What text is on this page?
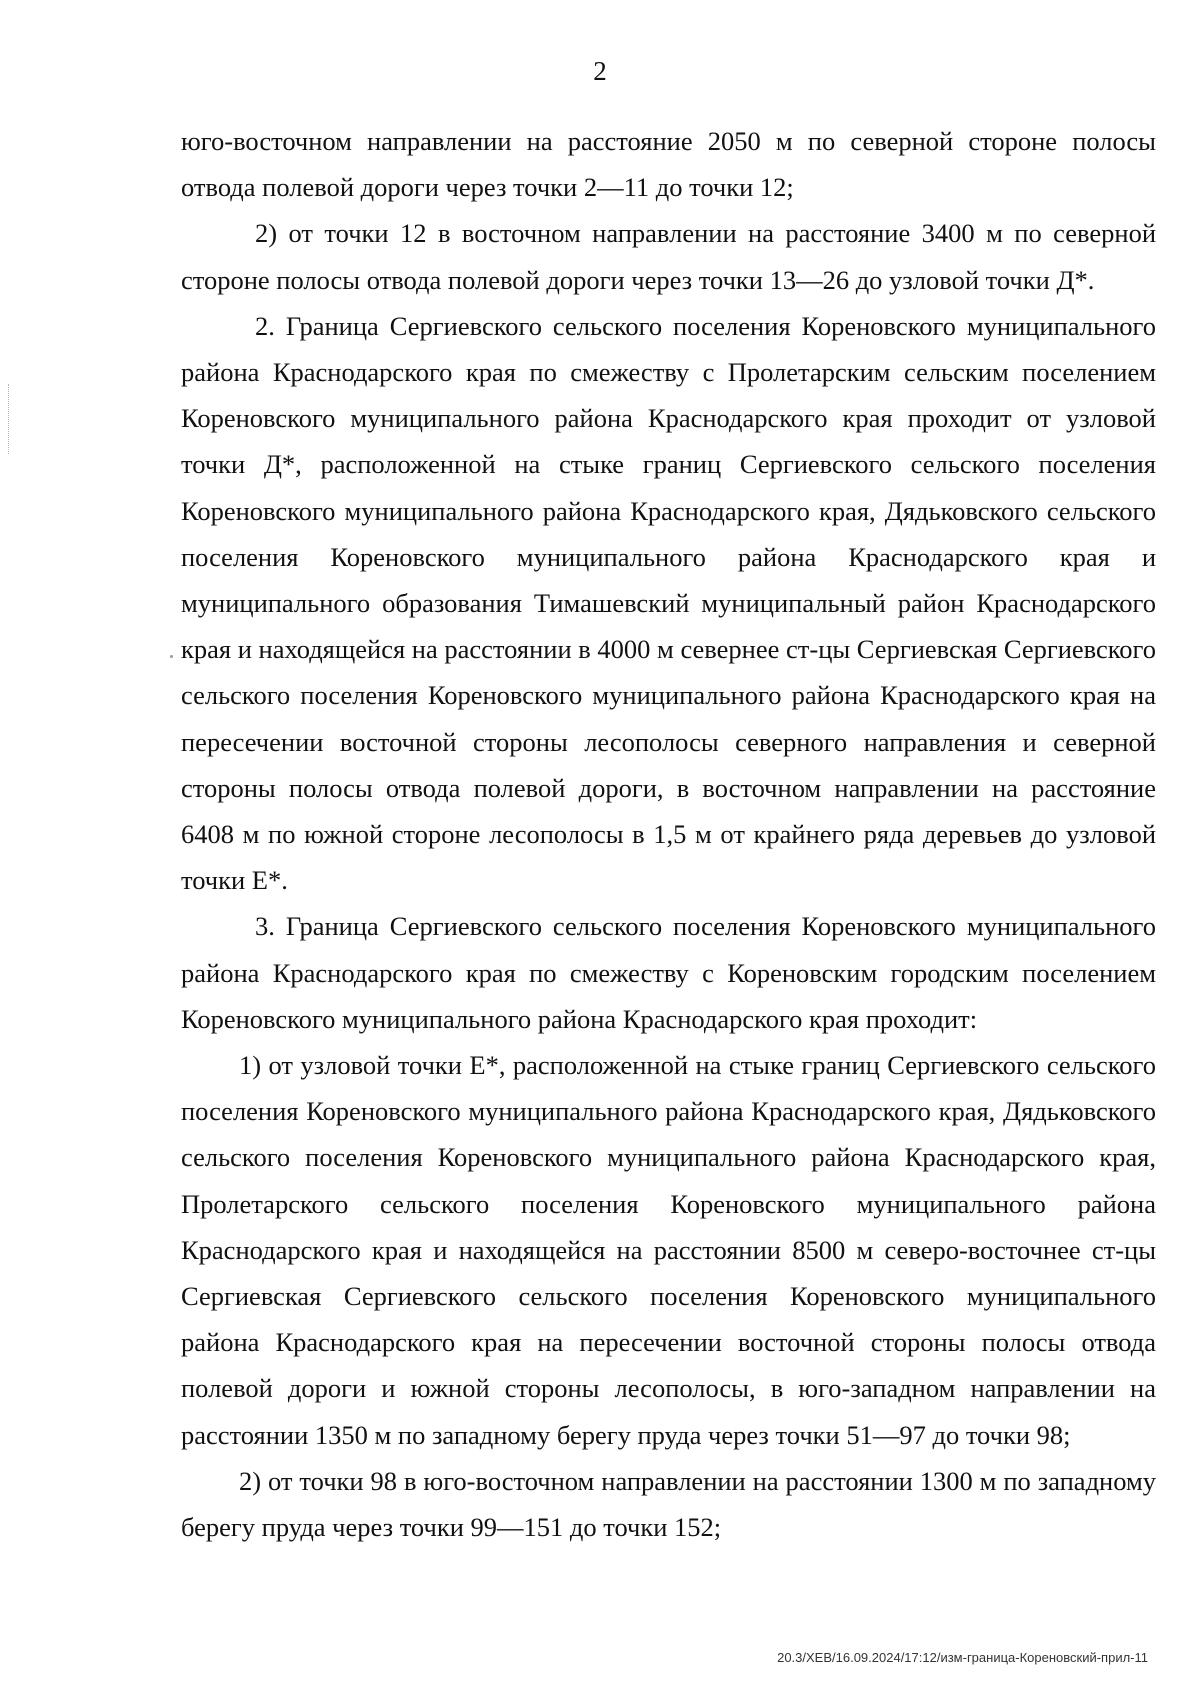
2

юго-восточном направлении на расстояние 2050 м по северной стороне полосы отвода полевой дороги через точки 2—11 до точки 12;

2) от точки 12 в восточном направлении на расстояние 3400 м по северной стороне полосы отвода полевой дороги через точки 13—26 до узловой точки Д*.

2. Граница Сергиевского сельского поселения Кореновского муниципального района Краснодарского края по смежеству с Пролетарским сельским поселением Кореновского муниципального района Краснодарского края проходит от узловой точки Д*, расположенной на стыке границ Сергиевского сельского поселения Кореновского муниципального района Краснодарского края, Дядьковского сельского поселения Кореновского муниципального района Краснодарского края и муниципального образования Тимашевский муниципальный район Краснодарского края и находящейся на расстоянии в 4000 м севернее ст-цы Сергиевская Сергиевского сельского поселения Кореновского муниципального района Краснодарского края на пересечении восточной стороны лесополосы северного направления и северной стороны полосы отвода полевой дороги, в восточном направлении на расстояние 6408 м по южной стороне лесополосы в 1,5 м от крайнего ряда деревьев до узловой точки Е*.

3. Граница Сергиевского сельского поселения Кореновского муниципального района Краснодарского края по смежеству с Кореновским городским поселением Кореновского муниципального района Краснодарского края проходит:

1) от узловой точки Е*, расположенной на стыке границ Сергиевского сельского поселения Кореновского муниципального района Краснодарского края, Дядьковского сельского поселения Кореновского муниципального района Краснодарского края, Пролетарского сельского поселения Кореновского муниципального района Краснодарского края и находящейся на расстоянии 8500 м северо-восточнее ст-цы Сергиевская Сергиевского сельского поселения Кореновского муниципального района Краснодарского края на пересечении восточной стороны полосы отвода полевой дороги и южной стороны лесополосы, в юго-западном направлении на расстоянии 1350 м по западному берегу пруда через точки 51—97 до точки 98;

2) от точки 98 в юго-восточном направлении на расстоянии 1300 м по западному берегу пруда через точки 99—151 до точки 152;

20.3/ХЕВ/16.09.2024/17:12/изм-граница-Кореновский-прил-11
